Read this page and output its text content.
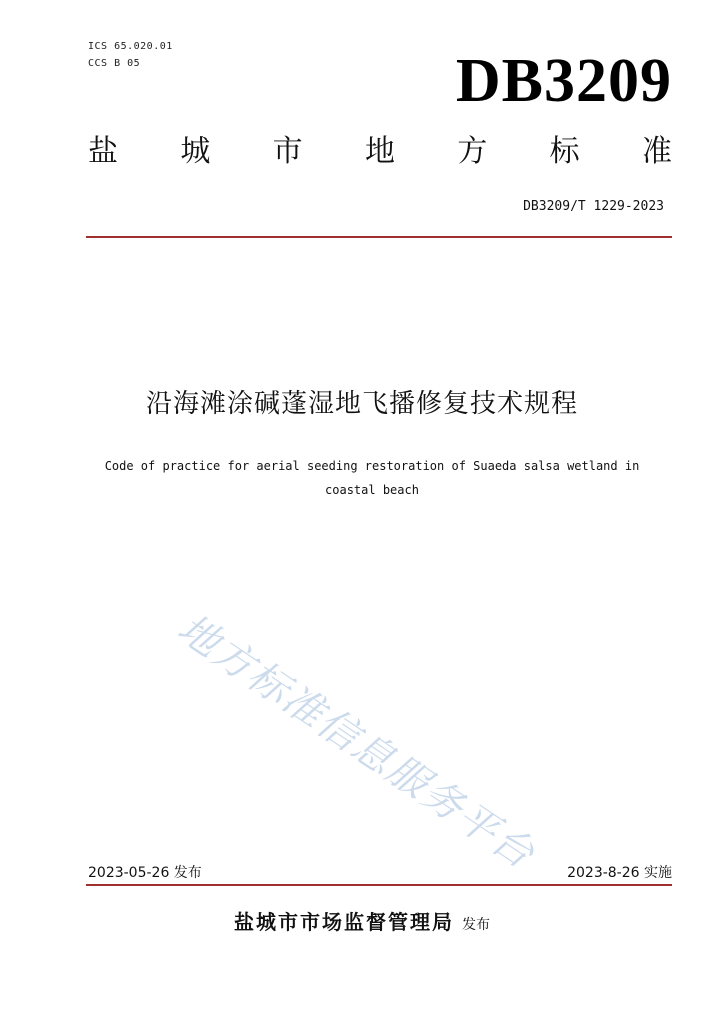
ICS 65.020.01
CCS B 05	DB3209
盐 城 市 地 方 标 准
DB3209/T 1229-2023
沿海滩涂碱蓬湿地飞播修复技术规程
Code of practice for aerial seeding restoration of Suaeda salsa wetland in coastal beach
地方标准信息服务平台
2023-05-26 发布	2023-8-26 实施
盐城市市场监督管理局 发布
